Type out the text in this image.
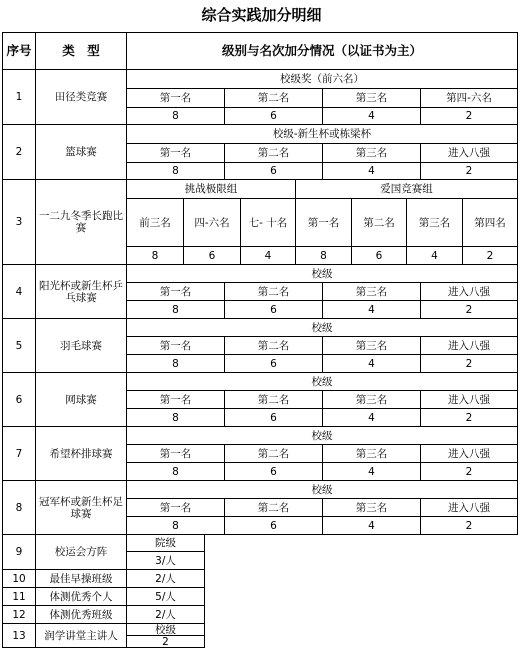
综合实践加分明细
序号	类　型	级别与名次加分情况（以证书为主）
1	田径类竞赛
校级奖（前六名）
第一名	第二名	第三名	第四-六名
8	6	4	2
2	篮球赛
校级-新生杯或栋梁杯
第一名	第二名	第三名	进入八强
8	6	4	2
3	一二九冬季长跑比赛
挑战极限组	爱国竞赛组
前三名	四-六名	七- 十名	第一名	第二名	第三名	第四名
8	6	4	8	6	4	2
4	阳光杯或新生杯乒乓球赛
校级
第一名	第二名	第三名	进入八强
8	6	4	2
5	羽毛球赛
校级
第一名	第二名	第三名	进入八强
8	6	4	2
6	网球赛
校级
第一名	第二名	第三名	进入八强
8	6	4	2
7	希望杯排球赛
校级
第一名	第二名	第三名	进入八强
8	6	4	2
8	冠军杯或新生杯足球赛
校级
第一名	第二名	第三名	进入八强
8	6	4	2
9	校运会方阵
院级
3/人
10	最佳早操班级	2/人
11	体测优秀个人	5/人
12	体测优秀班级	2/人
13	润学讲堂主讲人	校级
2
